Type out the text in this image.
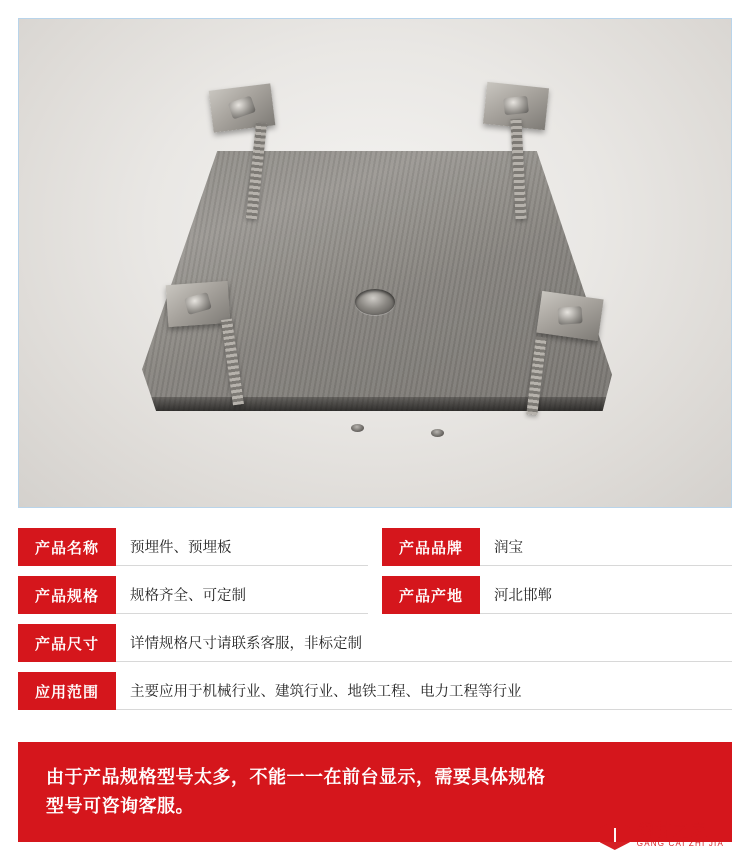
产品名称	预埋件、预埋板	产品品牌	润宝
产品规格	规格齐全、可定制	产品产地	河北邯郸
产品尺寸	详情规格尺寸请联系客服，非标定制
应用范围	主要应用于机械行业、建筑行业、地铁工程、电力工程等行业
由于产品规格型号太多，不能一一在前台显示，需要具体规格
型号可咨询客服。
钢材之家
GANG CAI ZHI JIA
